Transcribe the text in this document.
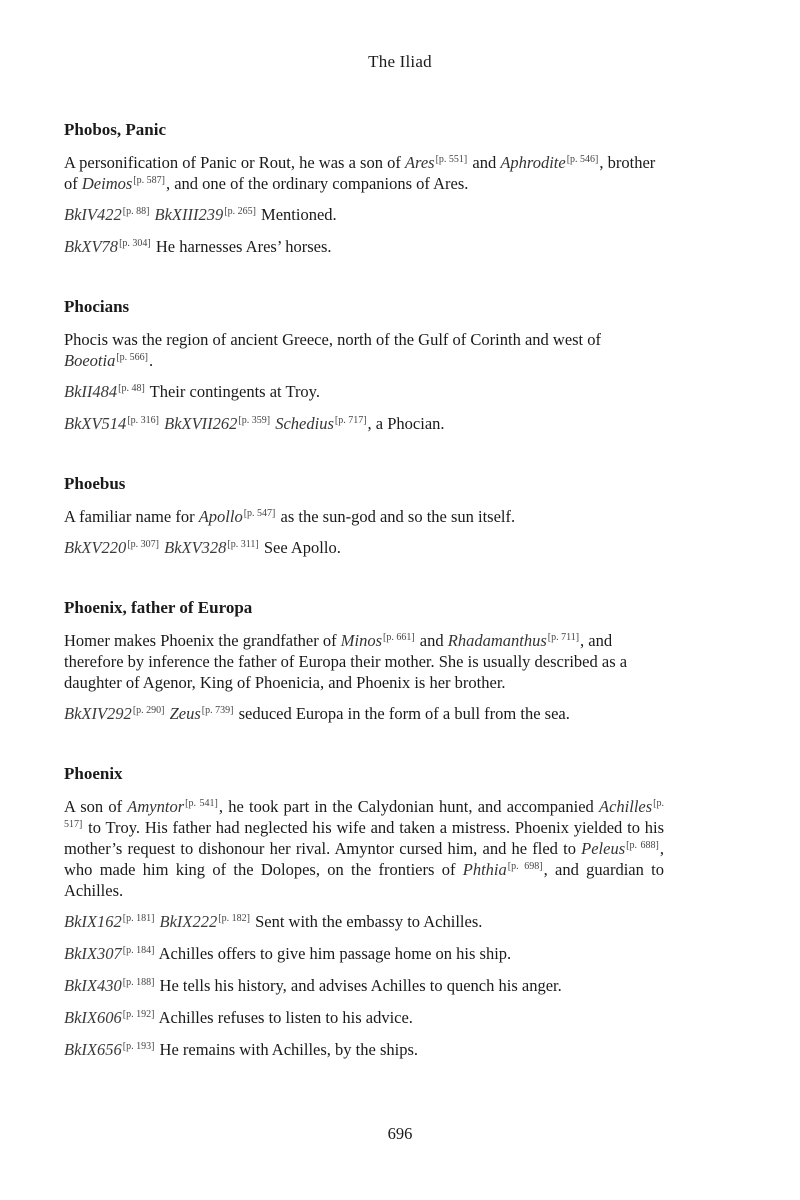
The Iliad
Phobos, Panic

A personification of Panic or Rout, he was a son of Ares[p. 551] and Aphrodite[p. 546], brother of Deimos[p. 587], and one of the ordinary companions of Ares.

BkIV422[p. 88] BkXIII239[p. 265] Mentioned.

BkXV78[p. 304] He harnesses Ares’ horses.

Phocians

Phocis was the region of ancient Greece, north of the Gulf of Corinth and west of Boeotia[p. 566].

BkII484[p. 48] Their contingents at Troy.

BkXV514[p. 316] BkXVII262[p. 359] Schedius[p. 717], a Phocian.

Phoebus

A familiar name for Apollo[p. 547] as the sun-god and so the sun itself.

BkXV220[p. 307] BkXV328[p. 311] See Apollo.

Phoenix, father of Europa

Homer makes Phoenix the grandfather of Minos[p. 661] and Rhadamanthus[p. 711], and therefore by inference the father of Europa their mother. She is usually described as a daughter of Agenor, King of Phoenicia, and Phoenix is her brother.

BkXIV292[p. 290] Zeus[p. 739] seduced Europa in the form of a bull from the sea.

Phoenix

A son of Amyntor[p. 541], he took part in the Calydonian hunt, and accompanied Achilles[p. 517] to Troy. His father had neglected his wife and taken a mistress. Phoenix yielded to his mother’s request to dishonour her rival. Amyntor cursed him, and he fled to Peleus[p. 688], who made him king of the Dolopes, on the frontiers of Phthia[p. 698], and guardian to Achilles.

BkIX162[p. 181] BkIX222[p. 182] Sent with the embassy to Achilles.

BkIX307[p. 184] Achilles offers to give him passage home on his ship.

BkIX430[p. 188] He tells his history, and advises Achilles to quench his anger.

BkIX606[p. 192] Achilles refuses to listen to his advice.

BkIX656[p. 193] He remains with Achilles, by the ships.

696
